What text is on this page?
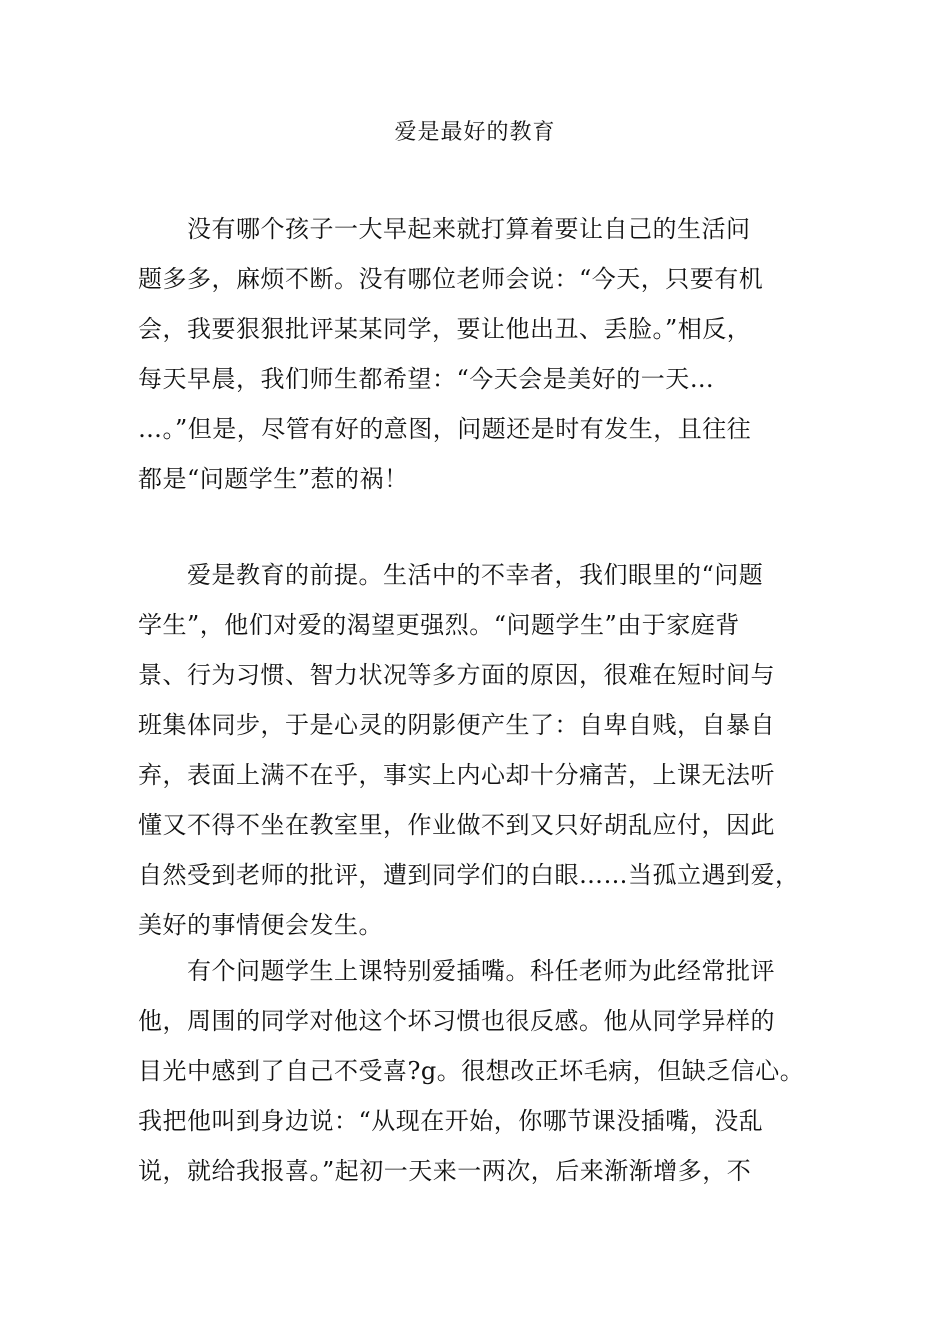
爱是最好的教育
　　没有哪个孩子一大早起来就打算着要让自己的生活问
题多多，麻烦不断。没有哪位老师会说：“今天，只要有机
会，我要狠狠批评某某同学，要让他出丑、丢脸。”相反，
每天早晨，我们师生都希望：“今天会是美好的一天…
…。”但是，尽管有好的意图，问题还是时有发生，且往往
都是“问题学生”惹的祸！
　　爱是教育的前提。生活中的不幸者，我们眼里的“问题
学生”，他们对爱的渴望更强烈。“问题学生”由于家庭背
景、行为习惯、智力状况等多方面的原因，很难在短时间与
班集体同步，于是心灵的阴影便产生了：自卑自贱，自暴自
弃，表面上满不在乎，事实上内心却十分痛苦，上课无法听
懂又不得不坐在教室里，作业做不到又只好胡乱应付，因此
自然受到老师的批评，遭到同学们的白眼……当孤立遇到爱，
美好的事情便会发生。
　　有个问题学生上课特别爱插嘴。科任老师为此经常批评
他，周围的同学对他这个坏习惯也很反感。他从同学异样的
目光中感到了自己不受喜?g。很想改正坏毛病，但缺乏信心。
我把他叫到身边说：“从现在开始，你哪节课没插嘴，没乱
说，就给我报喜。”起初一天来一两次，后来渐渐增多，不
